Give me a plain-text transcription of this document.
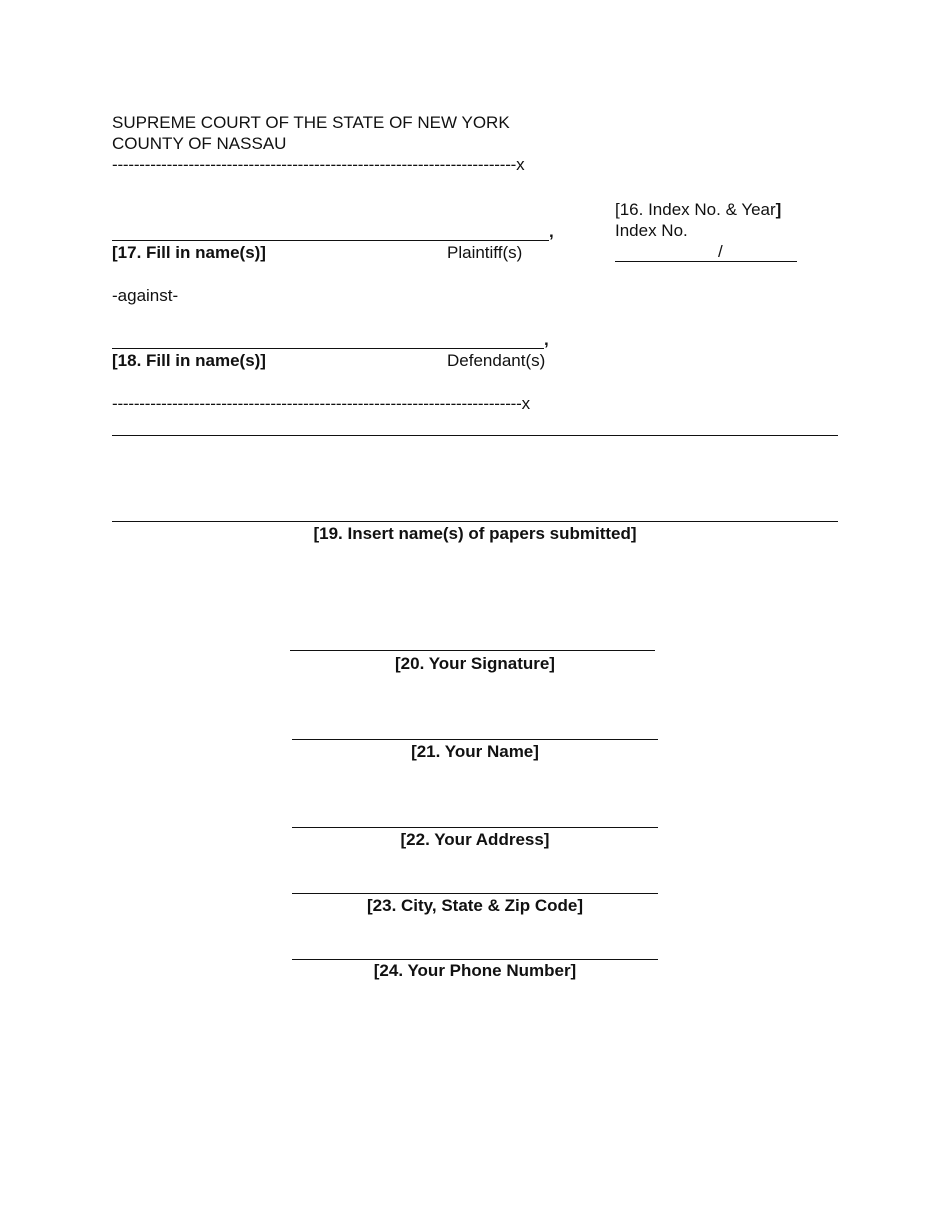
SUPREME COURT OF THE STATE OF NEW YORK
COUNTY OF NASSAU
--------------------------------------------------------------------------x
[16. Index No. & Year]
Index No.
/
,
[17. Fill in name(s)]	Plaintiff(s)
-against-
,
[18. Fill in name(s)]	Defendant(s)
---------------------------------------------------------------------------x
[19. Insert name(s) of papers submitted]
[20. Your Signature]
[21. Your Name]
[22. Your Address]
[23. City, State & Zip Code]
[24. Your Phone Number]
